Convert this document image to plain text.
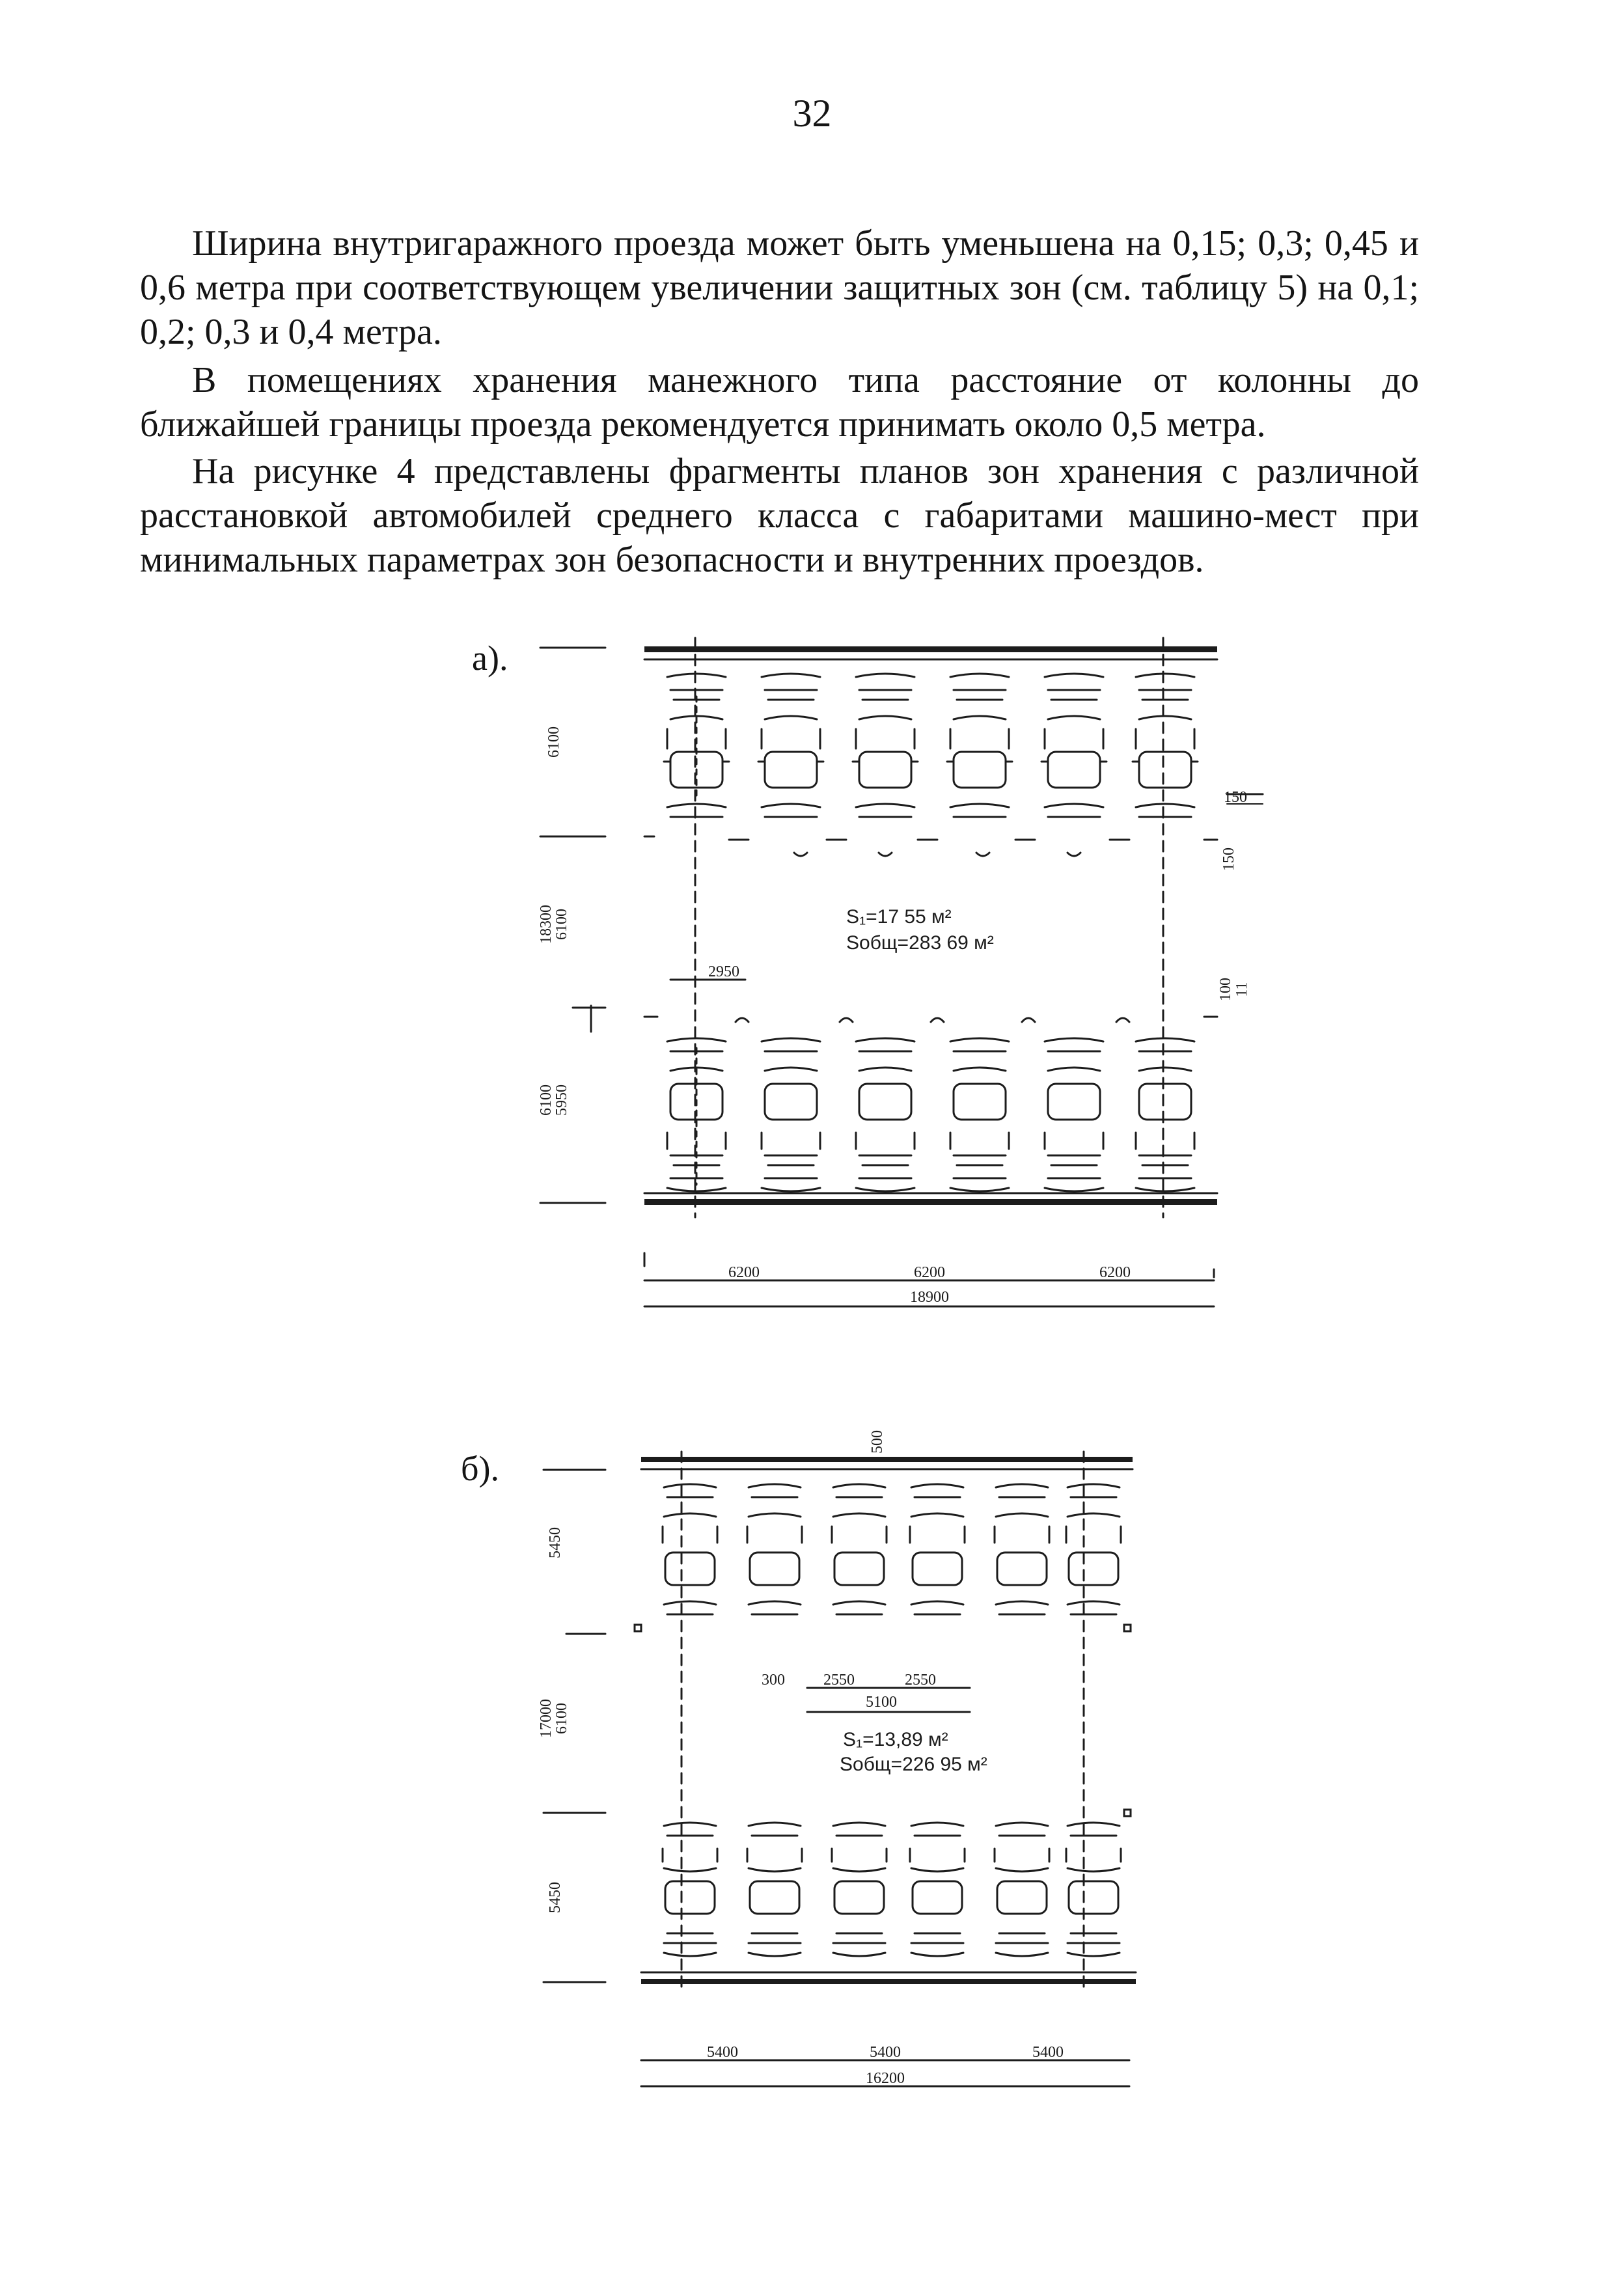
32

Ширина внутригаражного проезда может быть уменьшена на 0,15; 0,3; 0,45 и 0,6 метра при соответствующем увеличении защитных зон (см. таблицу 5) на 0,1; 0,2; 0,3 и 0,4 метра.

В помещениях хранения манежного типа расстояние от колонны до ближайшей границы проезда рекомендуется принимать около 0,5 метра.

На рисунке 4 представлены фрагменты планов зон хранения с различной расстановкой автомобилей среднего класса с габаритами машино-мест при минимальных параметрах зон безопасности и внутренних проездов.

а).
б).
6100
18300
6100
6100
5950
150
150
100 11
2950
6200	6200	6200
18900
S₁=17 55 м²
Sобщ=283 69 м²
500
5450
17000
6100
5450
300 2550	2550
5100
5400	5400	5400
16200
S₁=13,89 м²
Sобщ=226 95 м²
